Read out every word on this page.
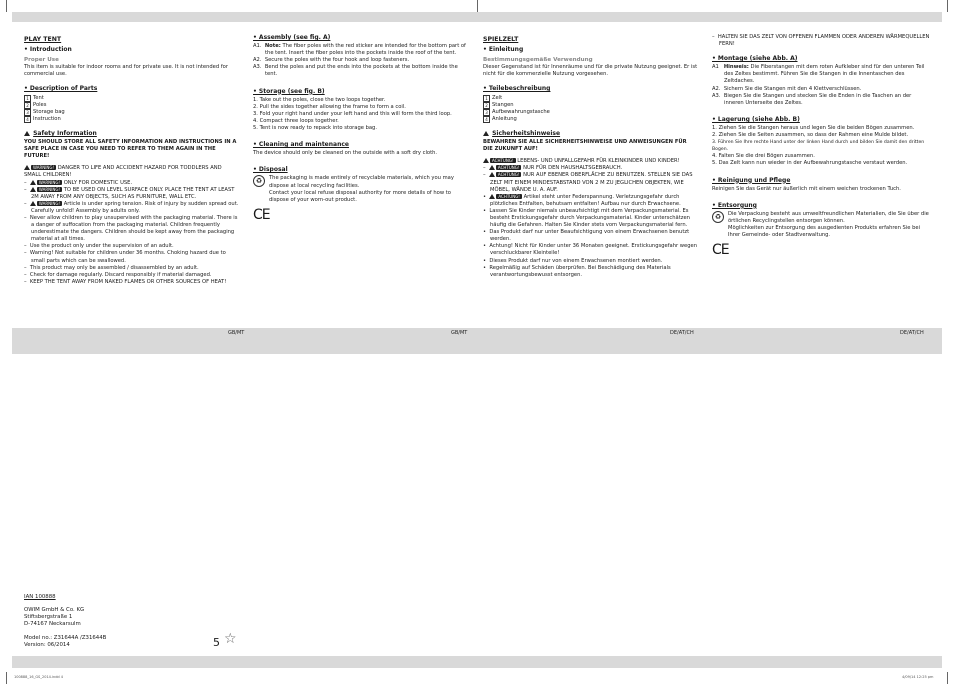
PLAY TENT
• Introduction
Proper Use

This item is suitable for indoor rooms and for private use. It is not intended for commercial use.

• Description of Parts
1 Tent
2 Poles
3 Storage bag
4 Instruction
Safety Information

YOU SHOULD STORE ALL SAFETY INFORMATION AND INSTRUCTIONS IN A SAFE PLACE IN CASE YOU NEED TO REFER TO THEM AGAIN IN THE FUTURE!

WARNING! DANGER TO LIFE AND ACCIDENT HAZARD FOR TODDLERS AND SMALL CHILDREN!

–  WARNING! ONLY FOR DOMESTIC USE.

–  WARNING! TO BE USED ON LEVEL SURFACE ONLY. PLACE THE TENT AT LEAST 2M AWAY FROM ANY OBJECTS, SUCH AS FURNITURE, WALL ETC.

–  WARNING! Article is under spring tension. Risk of injury by sudden spread out. Carefully unfold! Assembly by adults only.

–  Never allow children to play unsupervised with the packaging material. There is a danger of suffocation from the packaging material. Children frequently underestimate the dangers. Children should be kept away from the packaging material at all times.

–  Use the product only under the supervision of an adult.

–  Warning! Not suitable for children under 36 months. Choking hazard due to small parts which can be swallowed.

–  This product may only be assembled / disassembled by an adult.

–  Check for damage regularly. Discard responsibly if material damaged.

–  KEEP THE TENT AWAY FROM NAKED FLAMES OR OTHER SOURCES OF HEAT!

• Assembly (see fig. A)

A1. Note: The fiber poles with the red sticker are intended for the bottom part of the tent. Insert the fiber poles into the pockets inside the roof of the tent.

A2. Secure the poles with the four hook and loop fasteners.

A3. Bend the poles and put the ends into the pockets at the bottom inside the tent.

• Storage (see fig. B)

1. Take out the poles, close the two loops together.

2. Pull the sides together allowing the frame to form a coil.

3. Fold your right hand under your left hand and this will form the third loop.

4. Compact three loops together.

5. Tent is now ready to repack into storage bag.

• Cleaning and maintenance

The device should only be cleaned on the outside with a soft dry cloth.

• Disposal
♻	The packaging is made entirely of recyclable materials, which you may dispose at local recycling facilities.

Contact your local refuse disposal authority for more details of how to dispose of your worn-out product.

CE
SPIELZELT
• Einleitung
Bestimmungsgemäße Verwendung

Dieser Gegenstand ist für Innenräume und für die private Nutzung geeignet. Er ist nicht für die kommerzielle Nutzung vorgesehen.

• Teilebeschreibung
1 Zelt
2 Stangen
3 Aufbewahrungstasche
4 Anleitung
Sicherheitshinweise

BEWAHREN SIE ALLE SICHERHEITSHINWEISE UND ANWEISUNGEN FÜR DIE ZUKUNFT AUF!

ACHTUNG! LEBENS- UND UNFALLGEFAHR FÜR KLEINKINDER UND KINDER!

–  ACHTUNG! NUR FÜR DEN HAUSHALTSGEBRAUCH.

–  ACHTUNG! NUR AUF EBENER OBERFLÄCHE ZU BENUTZEN. STELLEN SIE DAS ZELT MIT EINEM MINDESTABSTAND VON 2 M ZU JEGLICHEN OBJEKTEN, WIE MÖBEL, WÄNDE U. A. AUF.

•  ACHTUNG! Artikel steht unter Federspannung. Verletzungsgefahr durch plötzliches Entfalten, behutsam entfalten! Aufbau nur durch Erwachsene.

•  Lassen Sie Kinder niemals unbeaufsichtigt mit dem Verpackungsmaterial. Es besteht Erstickungsgefahr durch Verpackungsmaterial. Kinder unterschätzen häufig die Gefahren. Halten Sie Kinder stets vom Verpackungsmaterial fern.

•  Das Produkt darf nur unter Beaufsichtigung von einem Erwachsenen benutzt werden.

•  Achtung! Nicht für Kinder unter 36 Monaten geeignet. Erstickungsgefahr wegen verschluckbarer Kleinteile!

•  Dieses Produkt darf nur von einem Erwachsenen montiert werden.

•  Regelmäßig auf Schäden überprüfen. Bei Beschädigung des Materials verantwortungsbewusst entsorgen.

–  HALTEN SIE DAS ZELT VON OFFENEN FLAMMEN ODER ANDEREN WÄRMEQUELLEN FERN!

• Montage (siehe Abb. A)

A1 Hinweis: Die Fiberstangen mit dem roten Aufkleber sind für den unteren Teil des Zeltes bestimmt. Führen Sie die Stangen in die Innentaschen des Zeltdaches.

A2. Sichern Sie die Stangen mit den 4 Klettverschlüssen.

A3. Biegen Sie die Stangen und stecken Sie die Enden in die Taschen an der inneren Unterseite des Zeltes.

• Lagerung (siehe Abb. B)

1. Ziehen Sie die Stangen heraus und legen Sie die beiden Bögen zusammen.

2. Ziehen Sie die Seiten zusammen, so dass der Rahmen eine Mulde bildet.

3. Führen Sie Ihre rechte Hand unter der linken Hand durch und bilden Sie damit den dritten Bogen.

4. Falten Sie die drei Bögen zusammen.

5. Das Zelt kann nun wieder in der Aufbewahrungstasche verstaut werden.

• Reinigung und Pflege

Reinigen Sie das Gerät nur äußerlich mit einem weichen trockenen Tuch.

• Entsorgung
♻	Die Verpackung besteht aus umweltfreundlichen Materialien, die Sie über die örtlichen Recyclingstellen entsorgen können.

Möglichkeiten zur Entsorgung des ausgedienten Produkts erfahren Sie bei Ihrer Gemeinde- oder Stadtverwaltung.

CE
GB/MT	GB/MT	DE/AT/CH	DE/AT/CH
IAN 100888
OWIM GmbH & Co. KG
Stiftsbergstraße 1
D-74167 Neckarsulm
Model no.: Z31644A /Z31644B
Version: 06/2014	5 ☆
100888_16_GS_2014.indd 4	4/09/14 12:25 pm
